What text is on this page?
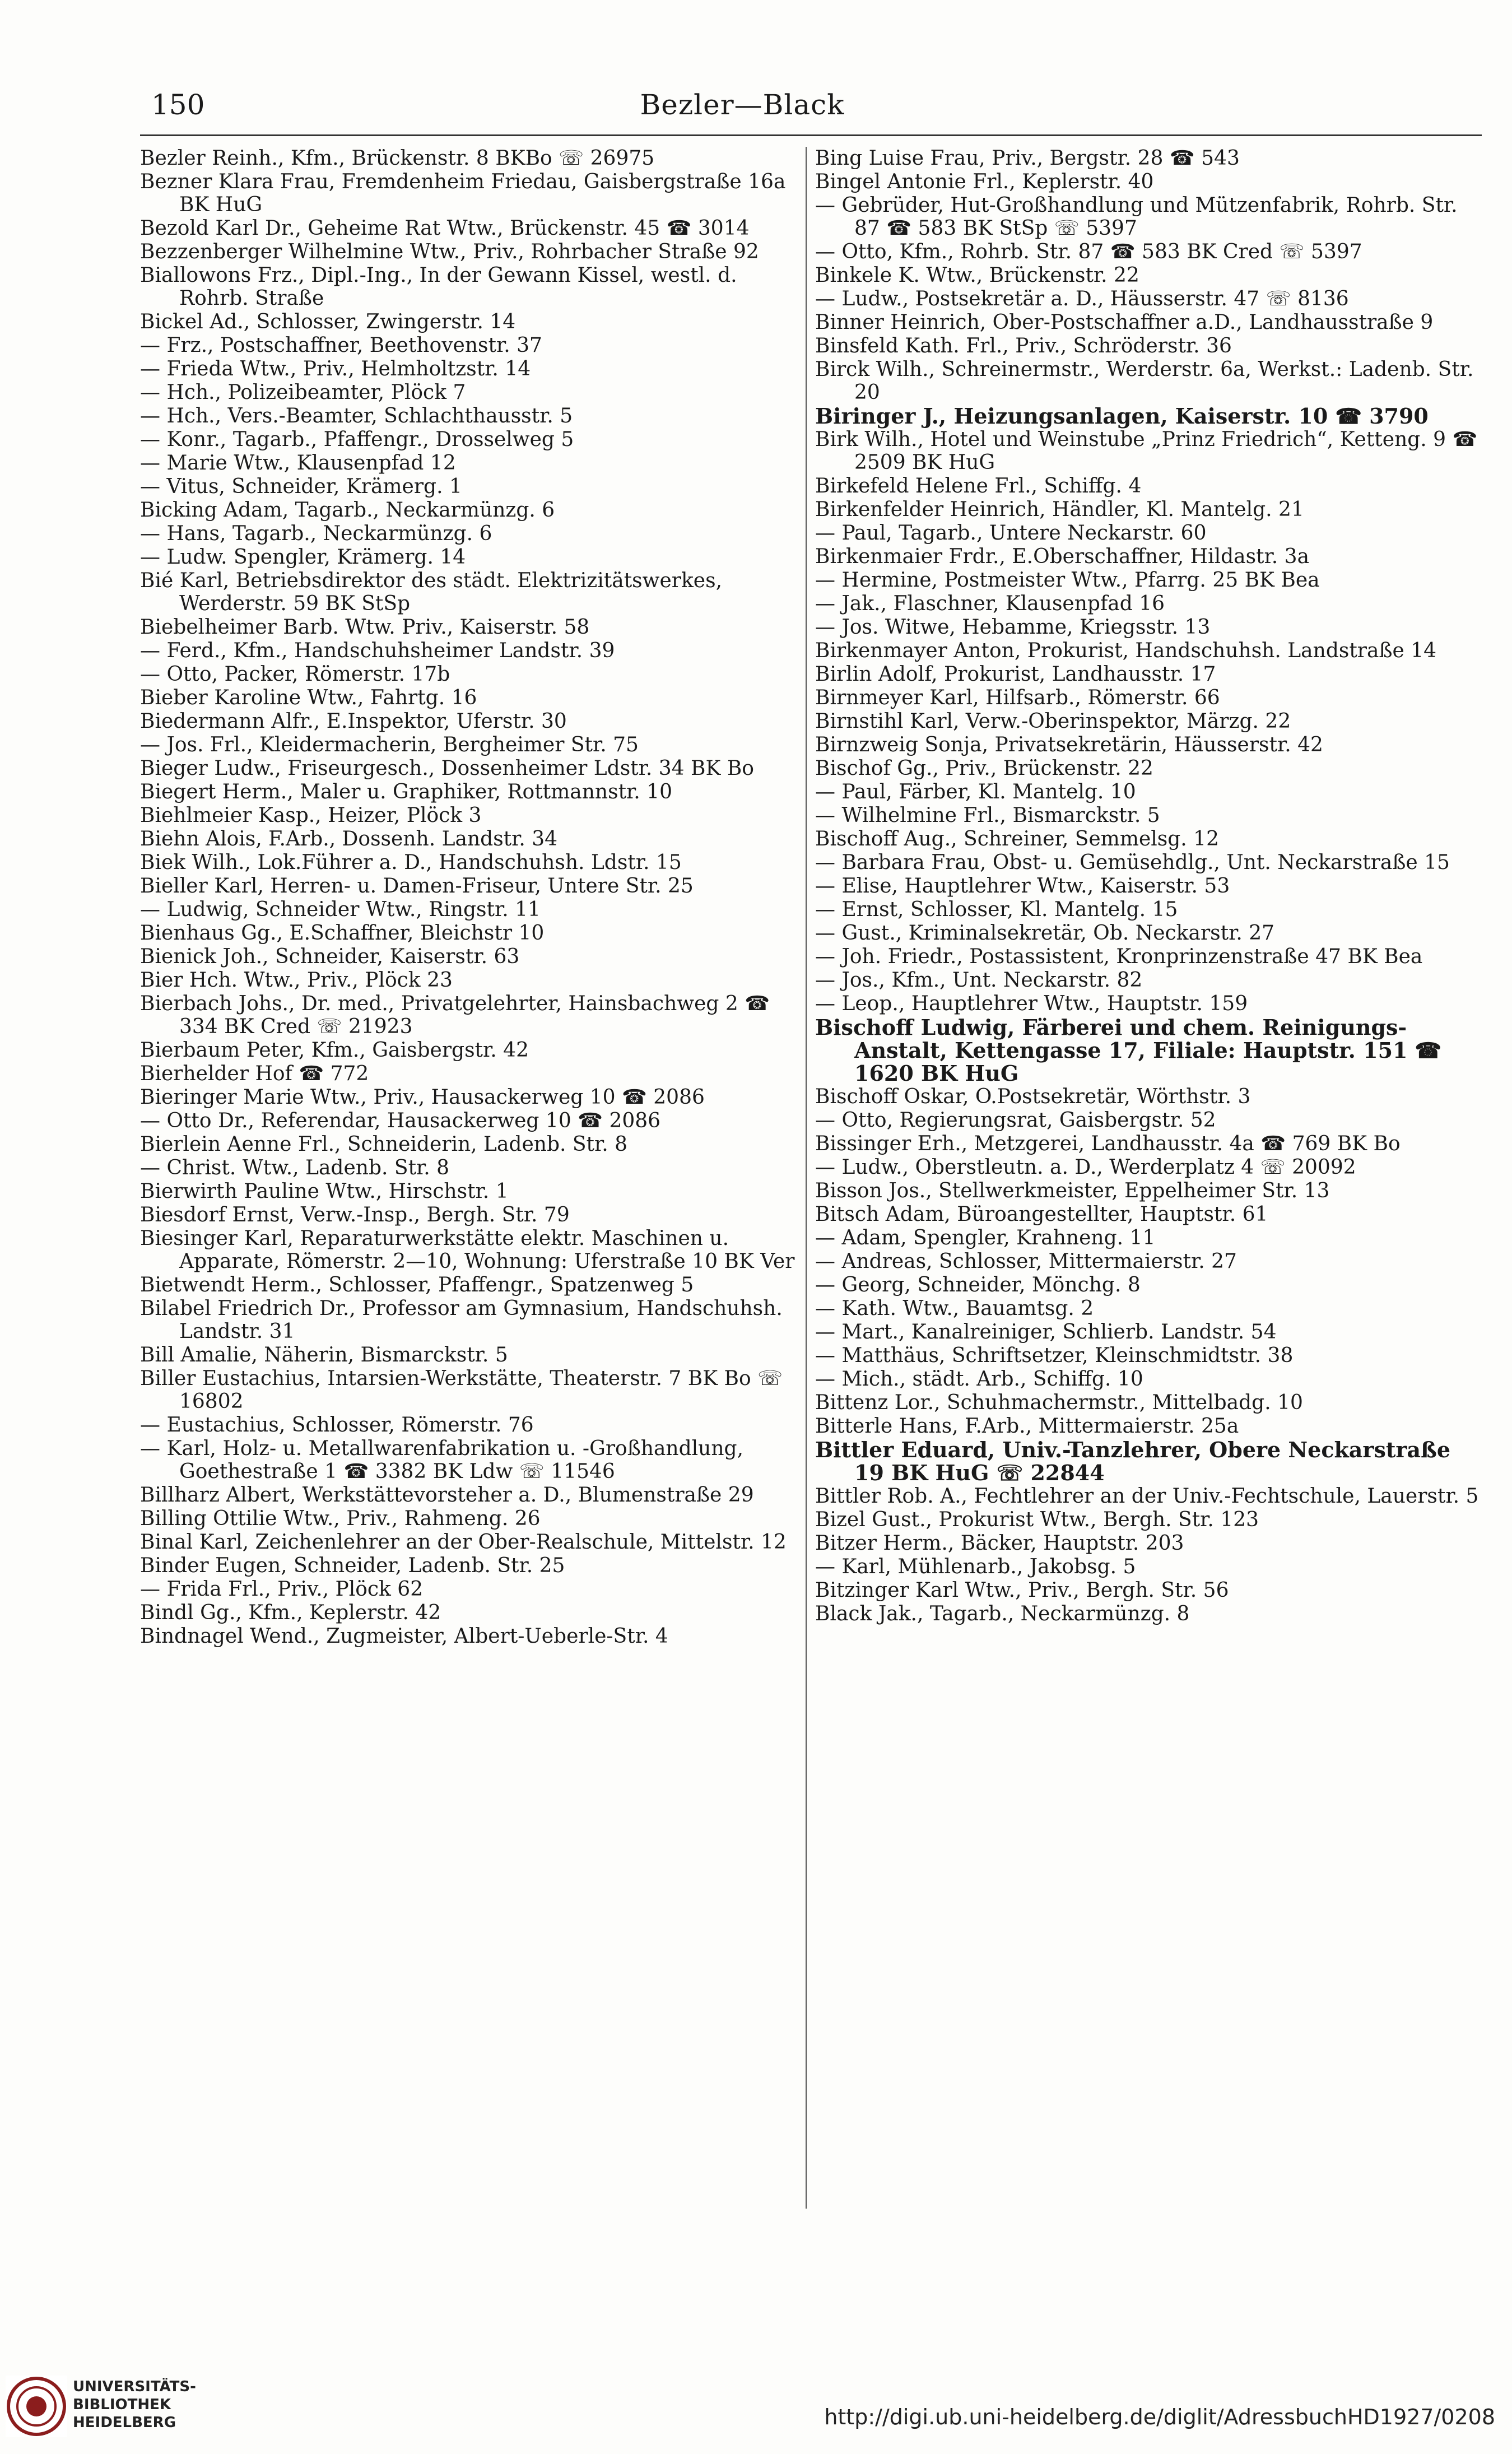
150	Bezler—Black
Bezler Reinh., Kfm., Brückenstr. 8 BKBo ☏ 26975
Bezner Klara Frau, Fremdenheim Friedau, Gaisbergstraße 16a BK HuG
Bezold Karl Dr., Geheime Rat Wtw., Brückenstr. 45 ☎ 3014
Bezzenberger Wilhelmine Wtw., Priv., Rohrbacher Straße 92
Biallowons Frz., Dipl.-Ing., In der Gewann Kissel, westl. d. Rohrb. Straße
Bickel Ad., Schlosser, Zwingerstr. 14
— Frz., Postschaffner, Beethovenstr. 37
— Frieda Wtw., Priv., Helmholtzstr. 14
— Hch., Polizeibeamter, Plöck 7
— Hch., Vers.-Beamter, Schlachthausstr. 5
— Konr., Tagarb., Pfaffengr., Drosselweg 5
— Marie Wtw., Klausenpfad 12
— Vitus, Schneider, Krämerg. 1
Bicking Adam, Tagarb., Neckarmünzg. 6
— Hans, Tagarb., Neckarmünzg. 6
— Ludw. Spengler, Krämerg. 14
Bié Karl, Betriebsdirektor des städt. Elektrizitätswerkes, Werderstr. 59 BK StSp
Biebelheimer Barb. Wtw. Priv., Kaiserstr. 58
— Ferd., Kfm., Handschuhsheimer Landstr. 39
— Otto, Packer, Römerstr. 17b
Bieber Karoline Wtw., Fahrtg. 16
Biedermann Alfr., E.Inspektor, Uferstr. 30
— Jos. Frl., Kleidermacherin, Bergheimer Str. 75
Bieger Ludw., Friseurgesch., Dossenheimer Ldstr. 34 BK Bo
Biegert Herm., Maler u. Graphiker, Rottmannstr. 10
Biehlmeier Kasp., Heizer, Plöck 3
Biehn Alois, F.Arb., Dossenh. Landstr. 34
Biek Wilh., Lok.Führer a. D., Handschuhsh. Ldstr. 15
Bieller Karl, Herren- u. Damen-Friseur, Untere Str. 25
— Ludwig, Schneider Wtw., Ringstr. 11
Bienhaus Gg., E.Schaffner, Bleichstr 10
Bienick Joh., Schneider, Kaiserstr. 63
Bier Hch. Wtw., Priv., Plöck 23
Bierbach Johs., Dr. med., Privatgelehrter, Hainsbachweg 2 ☎ 334 BK Cred ☏ 21923
Bierbaum Peter, Kfm., Gaisbergstr. 42
Bierhelder Hof ☎ 772
Bieringer Marie Wtw., Priv., Hausackerweg 10 ☎ 2086
— Otto Dr., Referendar, Hausackerweg 10 ☎ 2086
Bierlein Aenne Frl., Schneiderin, Ladenb. Str. 8
— Christ. Wtw., Ladenb. Str. 8
Bierwirth Pauline Wtw., Hirschstr. 1
Biesdorf Ernst, Verw.-Insp., Bergh. Str. 79
Biesinger Karl, Reparaturwerkstätte elektr. Maschinen u. Apparate, Römerstr. 2—10, Wohnung: Uferstraße 10 BK Ver
Bietwendt Herm., Schlosser, Pfaffengr., Spatzenweg 5
Bilabel Friedrich Dr., Professor am Gymnasium, Handschuhsh. Landstr. 31
Bill Amalie, Näherin, Bismarckstr. 5
Biller Eustachius, Intarsien-Werkstätte, Theaterstr. 7 BK Bo ☏ 16802
— Eustachius, Schlosser, Römerstr. 76
— Karl, Holz- u. Metallwarenfabrikation u. -Großhandlung, Goethestraße 1 ☎ 3382 BK Ldw ☏ 11546
Billharz Albert, Werkstättevorsteher a. D., Blumenstraße 29
Billing Ottilie Wtw., Priv., Rahmeng. 26
Binal Karl, Zeichenlehrer an der Ober-Realschule, Mittelstr. 12
Binder Eugen, Schneider, Ladenb. Str. 25
— Frida Frl., Priv., Plöck 62
Bindl Gg., Kfm., Keplerstr. 42
Bindnagel Wend., Zugmeister, Albert-Ueberle-Str. 4
Bing Luise Frau, Priv., Bergstr. 28 ☎ 543
Bingel Antonie Frl., Keplerstr. 40
— Gebrüder, Hut-Großhandlung und Mützenfabrik, Rohrb. Str. 87 ☎ 583 BK StSp ☏ 5397
— Otto, Kfm., Rohrb. Str. 87 ☎ 583 BK Cred ☏ 5397
Binkele K. Wtw., Brückenstr. 22
— Ludw., Postsekretär a. D., Häusserstr. 47 ☏ 8136
Binner Heinrich, Ober-Postschaffner a.D., Landhausstraße 9
Binsfeld Kath. Frl., Priv., Schröderstr. 36
Birck Wilh., Schreinermstr., Werderstr. 6a, Werkst.: Ladenb. Str. 20
Biringer J., Heizungsanlagen, Kaiserstr. 10 ☎ 3790
Birk Wilh., Hotel und Weinstube „Prinz Friedrich“, Ketteng. 9 ☎ 2509 BK HuG
Birkefeld Helene Frl., Schiffg. 4
Birkenfelder Heinrich, Händler, Kl. Mantelg. 21
— Paul, Tagarb., Untere Neckarstr. 60
Birkenmaier Frdr., E.Oberschaffner, Hildastr. 3a
— Hermine, Postmeister Wtw., Pfarrg. 25 BK Bea
— Jak., Flaschner, Klausenpfad 16
— Jos. Witwe, Hebamme, Kriegsstr. 13
Birkenmayer Anton, Prokurist, Handschuhsh. Landstraße 14
Birlin Adolf, Prokurist, Landhausstr. 17
Birnmeyer Karl, Hilfsarb., Römerstr. 66
Birnstihl Karl, Verw.-Oberinspektor, Märzg. 22
Birnzweig Sonja, Privatsekretärin, Häusserstr. 42
Bischof Gg., Priv., Brückenstr. 22
— Paul, Färber, Kl. Mantelg. 10
— Wilhelmine Frl., Bismarckstr. 5
Bischoff Aug., Schreiner, Semmelsg. 12
— Barbara Frau, Obst- u. Gemüsehdlg., Unt. Neckarstraße 15
— Elise, Hauptlehrer Wtw., Kaiserstr. 53
— Ernst, Schlosser, Kl. Mantelg. 15
— Gust., Kriminalsekretär, Ob. Neckarstr. 27
— Joh. Friedr., Postassistent, Kronprinzenstraße 47 BK Bea
— Jos., Kfm., Unt. Neckarstr. 82
— Leop., Hauptlehrer Wtw., Hauptstr. 159
Bischoff Ludwig, Färberei und chem. Reinigungs-Anstalt, Kettengasse 17, Filiale: Hauptstr. 151 ☎ 1620 BK HuG
Bischoff Oskar, O.Postsekretär, Wörthstr. 3
— Otto, Regierungsrat, Gaisbergstr. 52
Bissinger Erh., Metzgerei, Landhausstr. 4a ☎ 769 BK Bo
— Ludw., Oberstleutn. a. D., Werderplatz 4 ☏ 20092
Bisson Jos., Stellwerkmeister, Eppelheimer Str. 13
Bitsch Adam, Büroangestellter, Hauptstr. 61
— Adam, Spengler, Krahneng. 11
— Andreas, Schlosser, Mittermaierstr. 27
— Georg, Schneider, Mönchg. 8
— Kath. Wtw., Bauamtsg. 2
— Mart., Kanalreiniger, Schlierb. Landstr. 54
— Matthäus, Schriftsetzer, Kleinschmidtstr. 38
— Mich., städt. Arb., Schiffg. 10
Bittenz Lor., Schuhmachermstr., Mittelbadg. 10
Bitterle Hans, F.Arb., Mittermaierstr. 25a
Bittler Eduard, Univ.-Tanzlehrer, Obere Neckarstraße 19 BK HuG ☏ 22844
Bittler Rob. A., Fechtlehrer an der Univ.-Fechtschule, Lauerstr. 5
Bizel Gust., Prokurist Wtw., Bergh. Str. 123
Bitzer Herm., Bäcker, Hauptstr. 203
— Karl, Mühlenarb., Jakobsg. 5
Bitzinger Karl Wtw., Priv., Bergh. Str. 56
Black Jak., Tagarb., Neckarmünzg. 8
UNIVERSITÄTS-
BIBLIOTHEK
HEIDELBERG	http://digi.ub.uni-heidelberg.de/diglit/AdressbuchHD1927/0208
